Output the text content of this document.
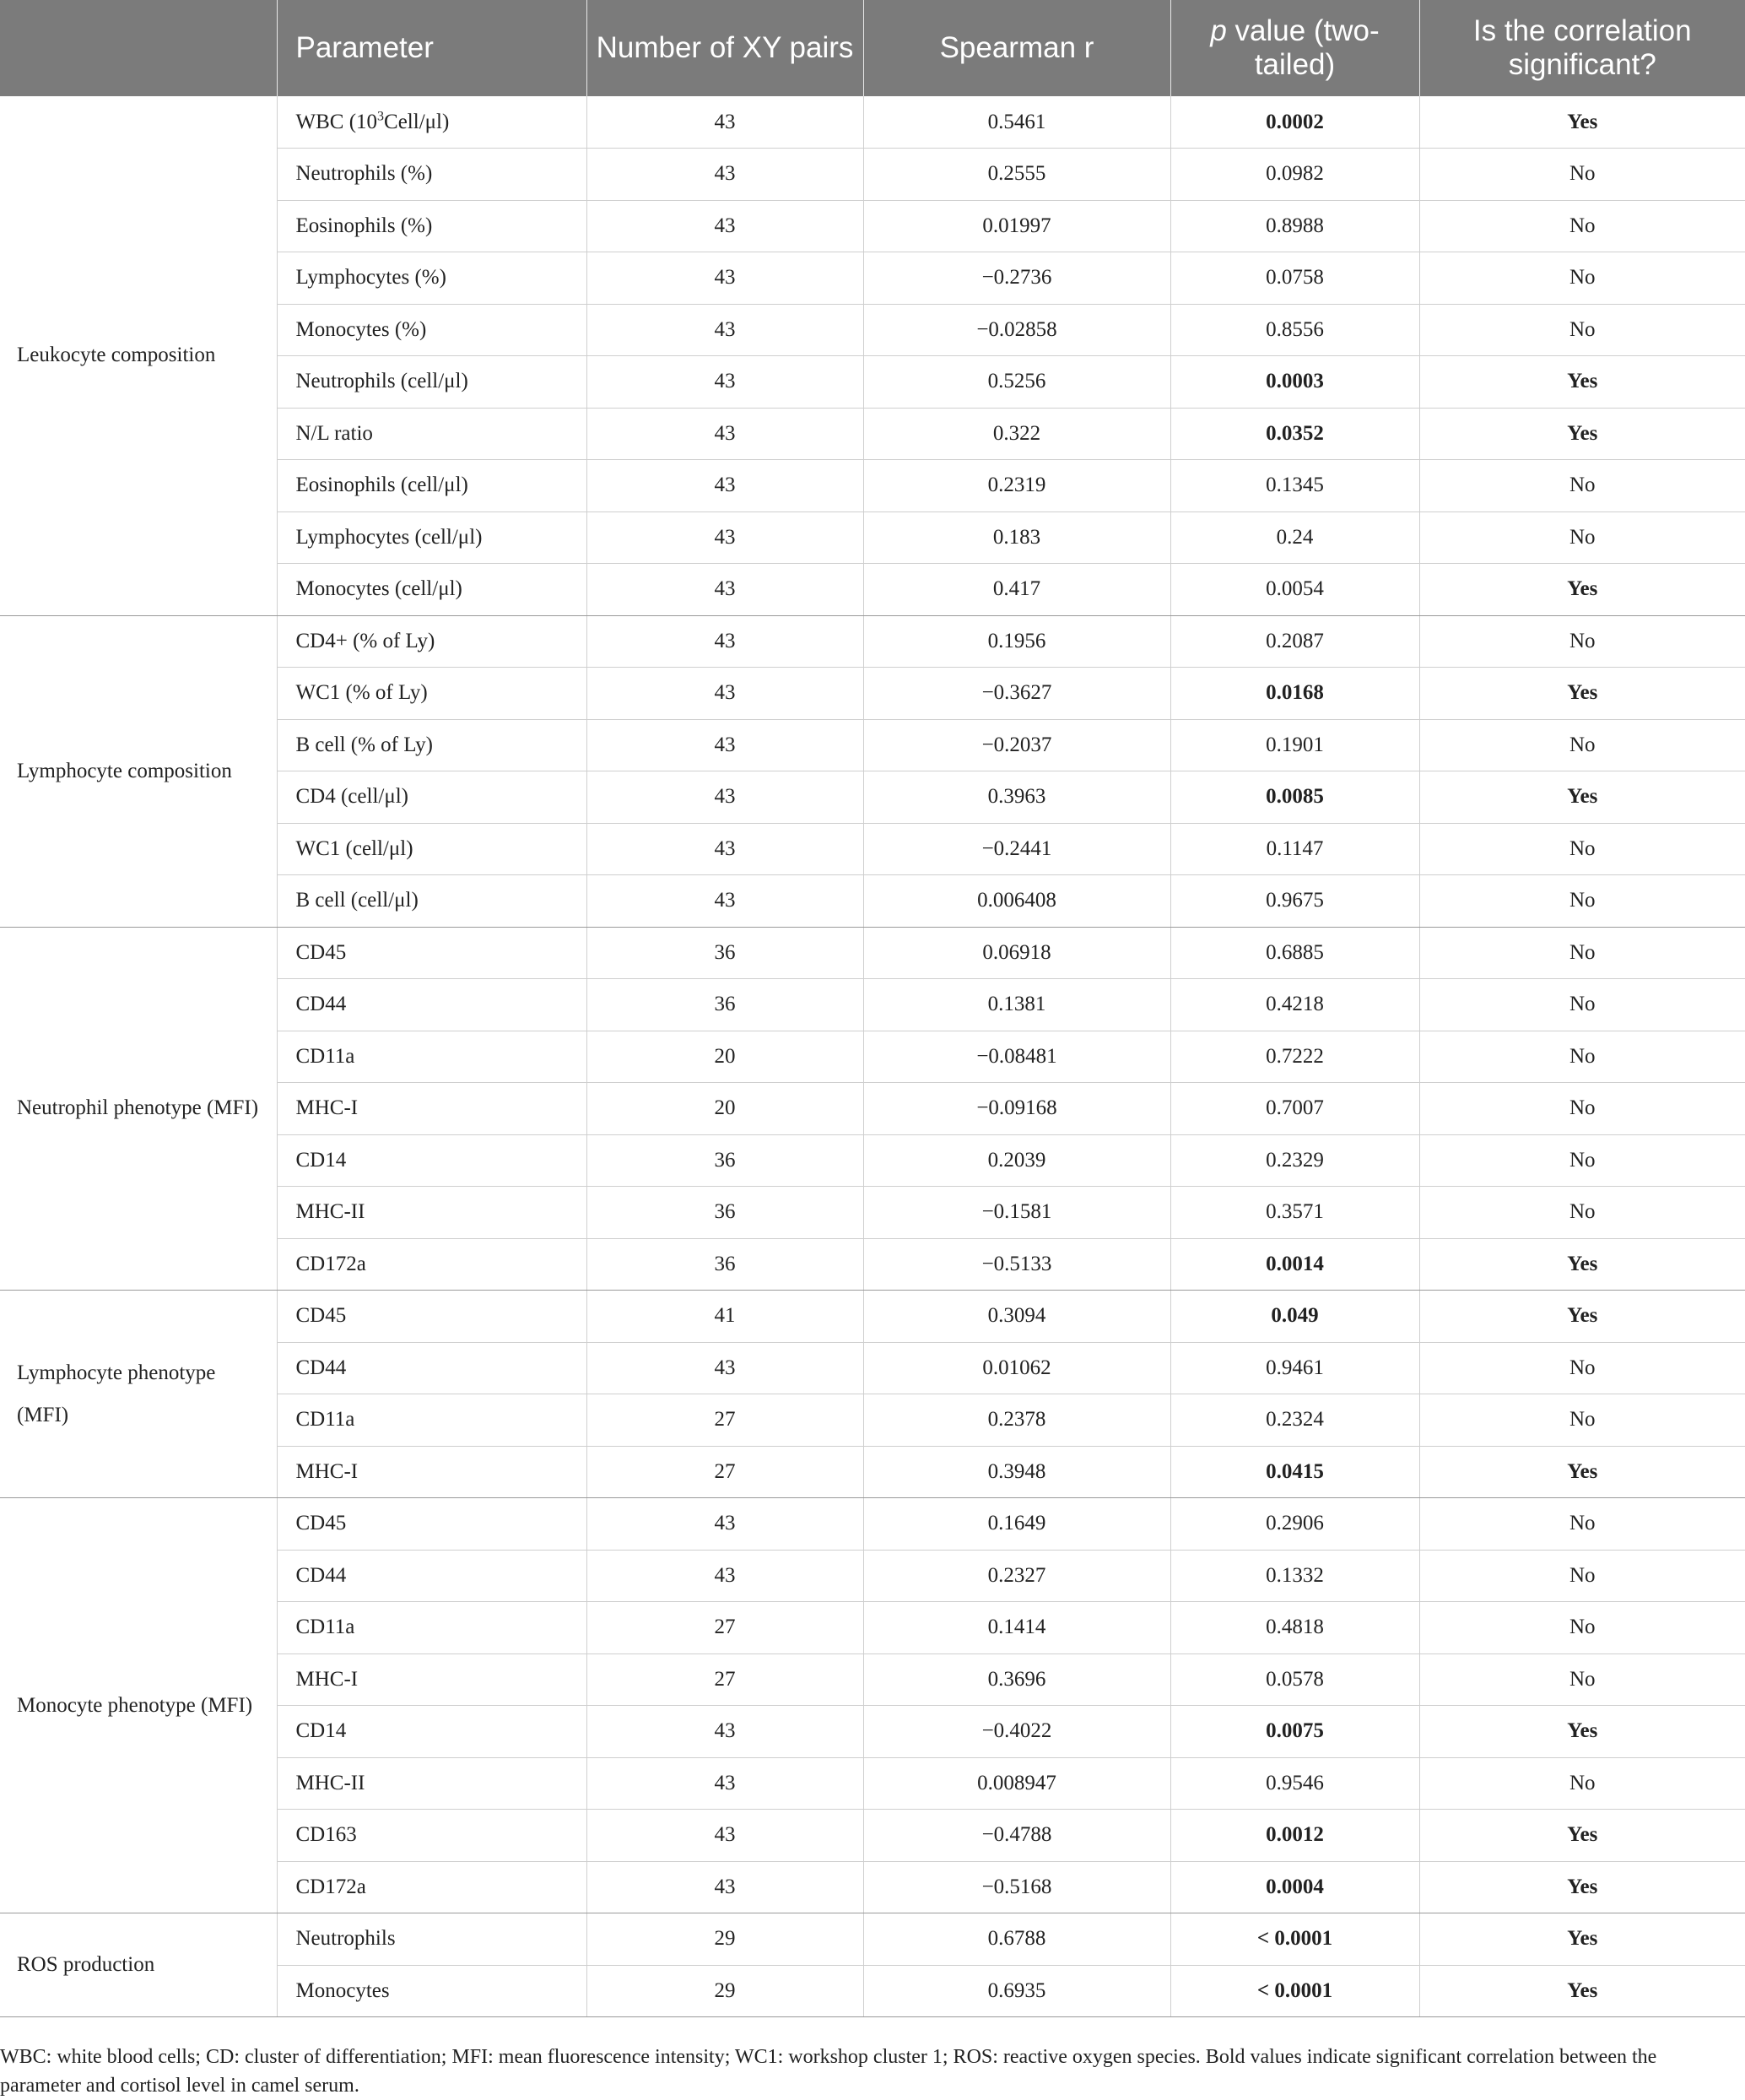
	Parameter	Number of XY pairs	Spearman r	p value (two-tailed)	Is the correlation significant?
Leukocyte composition	WBC $(10^3Cell/\mu l)$	43	0.5461	0.0002	Yes
	Neutrophils (%)	43	0.2555	0.0982	No
	Eosinophils (%)	43	0.01997	0.8988	No
	Lymphocytes (%)	43	−0.2736	0.0758	No
	Monocytes (%)	43	−0.02858	0.8556	No
	Neutrophils (cell/μl)	43	0.5256	0.0003	Yes
	N/L ratio	43	0.322	0.0352	Yes
	Eosinophils (cell/μl)	43	0.2319	0.1345	No
	Lymphocytes (cell/μl)	43	0.183	0.24	No
	Monocytes (cell/μl)	43	0.417	0.0054	Yes
Lymphocyte composition	CD4+ (% of Ly)	43	0.1956	0.2087	No
	WC1 (% of Ly)	43	−0.3627	0.0168	Yes
	B cell (% of Ly)	43	−0.2037	0.1901	No
	CD4 (cell/μl)	43	0.3963	0.0085	Yes
	WC1 (cell/μl)	43	−0.2441	0.1147	No
	B cell (cell/μl)	43	0.006408	0.9675	No
Neutrophil phenotype (MFI)	CD45	36	0.06918	0.6885	No
	CD44	36	0.1381	0.4218	No
	CD11a	20	−0.08481	0.7222	No
	MHC-I	20	−0.09168	0.7007	No
	CD14	36	0.2039	0.2329	No
	MHC-II	36	−0.1581	0.3571	No
	CD172a	36	−0.5133	0.0014	Yes
Lymphocyte phenotype (MFI)	CD45	41	0.3094	0.049	Yes
	CD44	43	0.01062	0.9461	No
	CD11a	27	0.2378	0.2324	No
	MHC-I	27	0.3948	0.0415	Yes
Monocyte phenotype (MFI)	CD45	43	0.1649	0.2906	No
	CD44	43	0.2327	0.1332	No
	CD11a	27	0.1414	0.4818	No
	MHC-I	27	0.3696	0.0578	No
	CD14	43	−0.4022	0.0075	Yes
	MHC-II	43	0.008947	0.9546	No
	CD163	43	−0.4788	0.0012	Yes
	CD172a	43	−0.5168	0.0004	Yes
ROS production	Neutrophils	29	0.6788	< 0.0001	Yes
	Monocytes	29	0.6935	< 0.0001	Yes
WBC: white blood cells; CD: cluster of differentiation; MFI: mean fluorescence intensity; WC1: workshop cluster 1; ROS: reactive oxygen species. Bold values indicate significant correlation between the parameter and cortisol level in camel serum.
